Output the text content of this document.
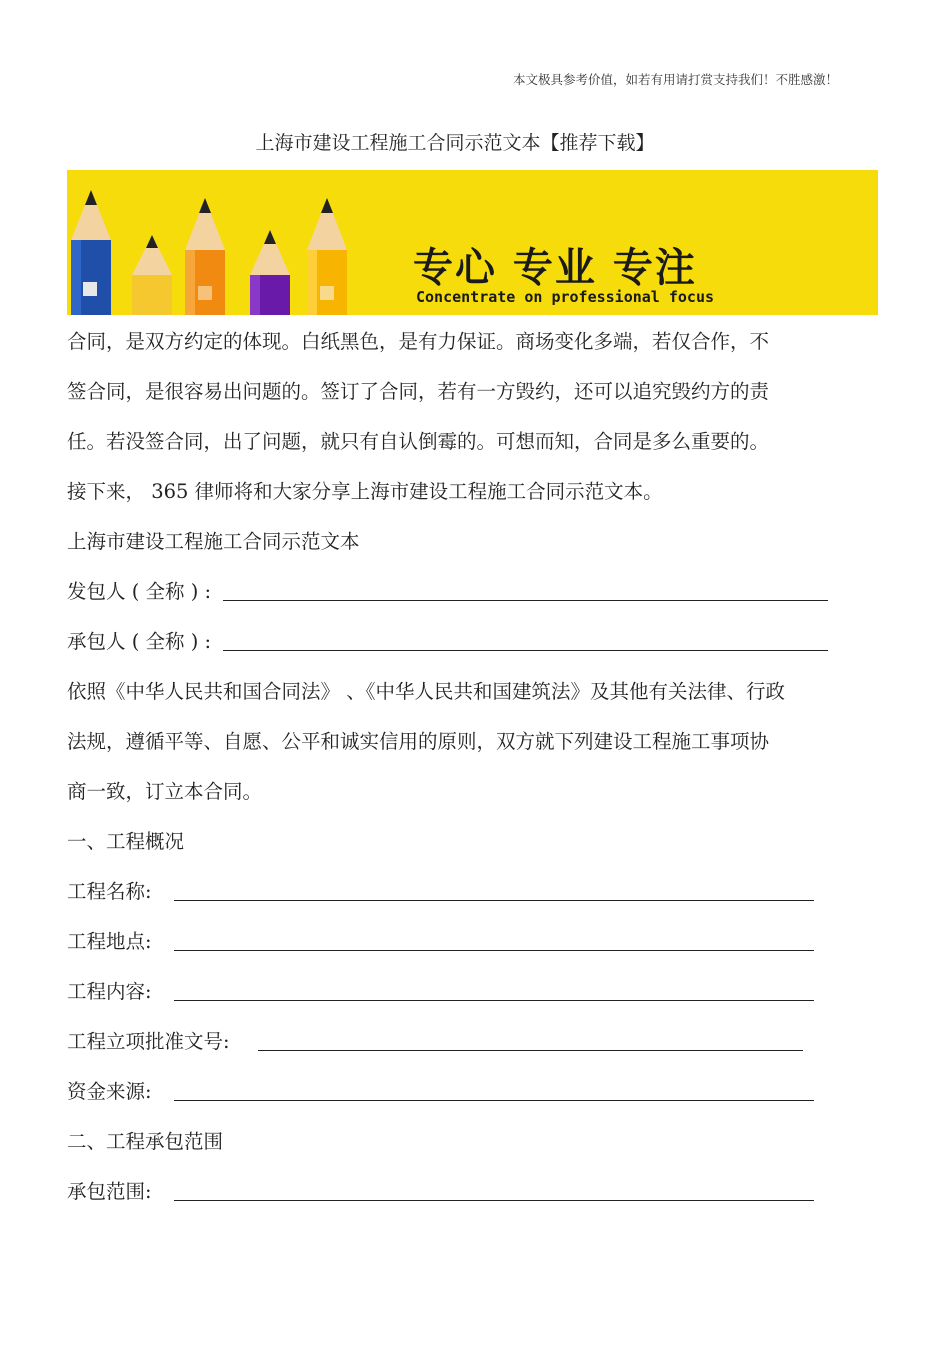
本文极具参考价值，如若有用请打赏支持我们！不胜感激！
上海市建设工程施工合同示范文本【推荐下载】
专心 专业 专注
Concentrate on professional focus
合同，是双方约定的体现。白纸黑色，是有力保证。商场变化多端，若仅合作，不
签合同，是很容易出问题的。签订了合同，若有一方毁约，还可以追究毁约方的责
任。若没签合同，出了问题，就只有自认倒霉的。可想而知，合同是多么重要的。
接下来， 365 律师将和大家分享上海市建设工程施工合同示范文本。
上海市建设工程施工合同示范文本
发包人 ( 全称 ) :
承包人 ( 全称 ) :
依照《中华人民共和国合同法》 、《中华人民共和国建筑法》及其他有关法律、行政
法规，遵循平等、自愿、公平和诚实信用的原则，双方就下列建设工程施工事项协
商一致，订立本合同。
一、工程概况
工程名称:
工程地点:
工程内容:
工程立项批准文号:
资金来源:
二、工程承包范围
承包范围:
